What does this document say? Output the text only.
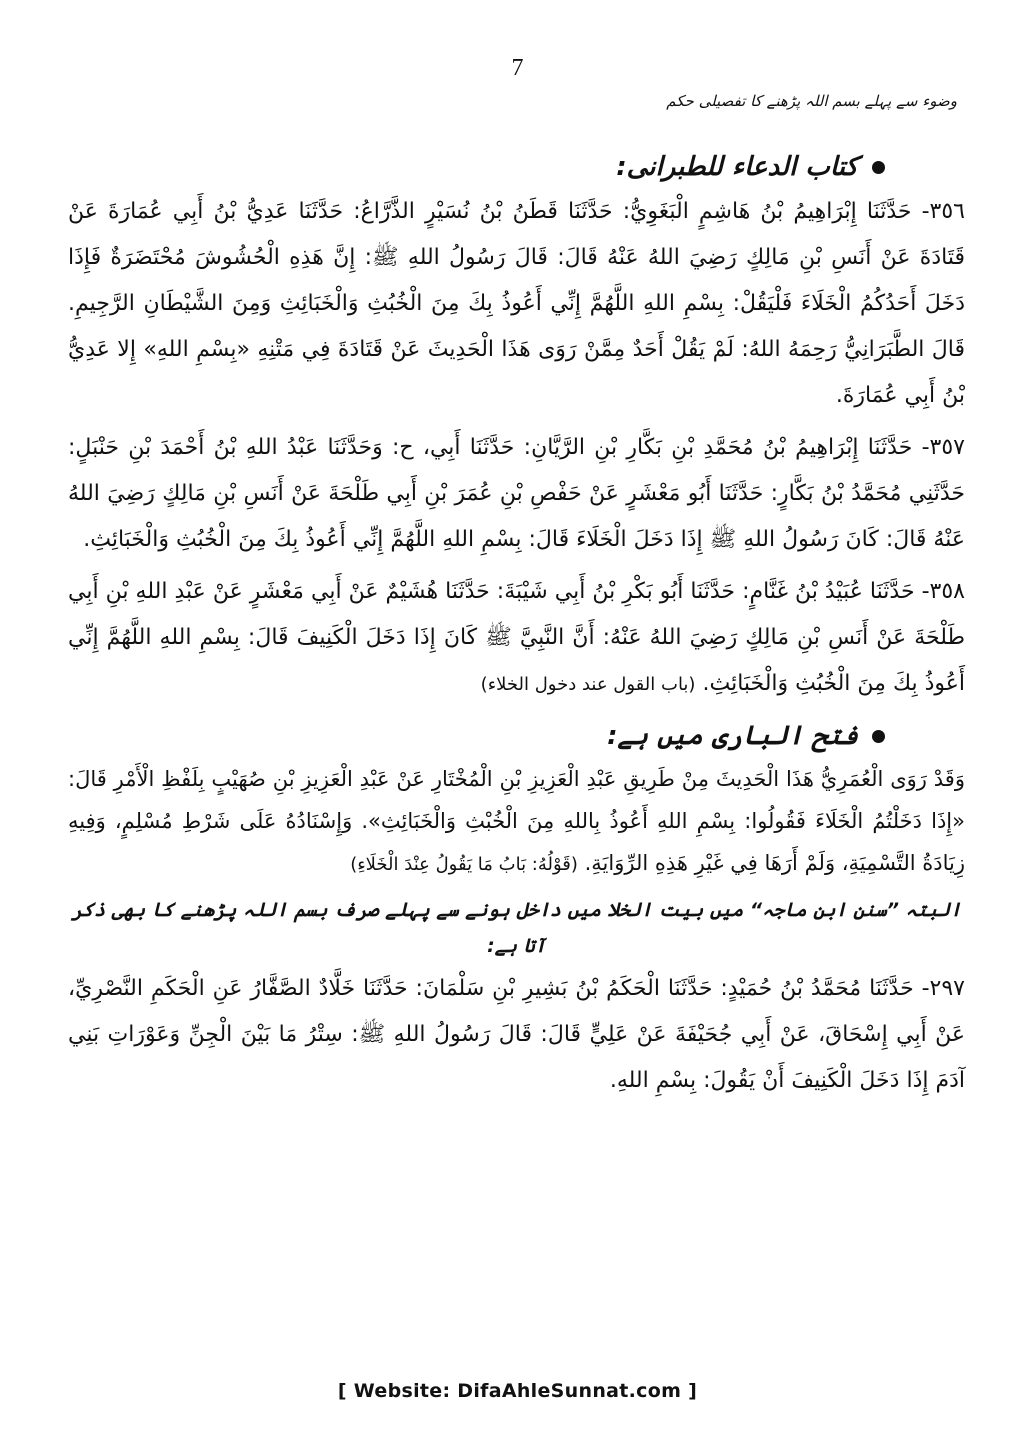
7
وضوء سے پہلے بسم اللہ پڑھنے کا تفصیلی حکم
کتاب الدعاء للطبرانی:

٣٥٦- حَدَّثَنَا إِبْرَاهِيمُ بْنُ هَاشِمٍ الْبَغَوِيُّ: حَدَّثَنَا قَطَنُ بْنُ نُسَيْرٍ الذَّرَّاعُ: حَدَّثَنَا عَدِيُّ بْنُ أَبِي عُمَارَةَ عَنْ قَتَادَةَ عَنْ أَنَسِ بْنِ مَالِكٍ رَضِيَ اللهُ عَنْهُ قَالَ: قَالَ رَسُولُ اللهِ ﷺ: إِنَّ هَذِهِ الْحُشُوشَ مُحْتَضَرَةٌ فَإِذَا دَخَلَ أَحَدُكُمُ الْخَلَاءَ فَلْيَقُلْ: بِسْمِ اللهِ اللَّهُمَّ إِنِّي أَعُوذُ بِكَ مِنَ الْخُبُثِ وَالْخَبَائِثِ وَمِنَ الشَّيْطَانِ الرَّجِيمِ. قَالَ الطَّبَرَانِيُّ رَحِمَهُ اللهُ: لَمْ يَقُلْ أَحَدٌ مِمَّنْ رَوَى هَذَا الْحَدِيثَ عَنْ قَتَادَةَ فِي مَتْنِهِ «بِسْمِ اللهِ» إِلا عَدِيُّ بْنُ أَبِي عُمَارَةَ.

٣٥٧- حَدَّثَنَا إِبْرَاهِيمُ بْنُ مُحَمَّدِ بْنِ بَكَّارِ بْنِ الرَّيَّانِ: حَدَّثَنَا أَبِي، ح: وَحَدَّثَنَا عَبْدُ اللهِ بْنُ أَحْمَدَ بْنِ حَنْبَلٍ: حَدَّثَنِي مُحَمَّدُ بْنُ بَكَّارٍ: حَدَّثَنَا أَبُو مَعْشَرٍ عَنْ حَفْصِ بْنِ عُمَرَ بْنِ أَبِي طَلْحَةَ عَنْ أَنَسِ بْنِ مَالِكٍ رَضِيَ اللهُ عَنْهُ قَالَ: كَانَ رَسُولُ اللهِ ﷺ إِذَا دَخَلَ الْخَلَاءَ قَالَ: بِسْمِ اللهِ اللَّهُمَّ إِنِّي أَعُوذُ بِكَ مِنَ الْخُبُثِ وَالْخَبَائِثِ.

٣٥٨- حَدَّثَنَا عُبَيْدُ بْنُ غَنَّامٍ: حَدَّثَنَا أَبُو بَكْرِ بْنُ أَبِي شَيْبَةَ: حَدَّثَنَا هُشَيْمٌ عَنْ أَبِي مَعْشَرٍ عَنْ عَبْدِ اللهِ بْنِ أَبِي طَلْحَةَ عَنْ أَنَسِ بْنِ مَالِكٍ رَضِيَ اللهُ عَنْهُ: أَنَّ النَّبِيَّ ﷺ كَانَ إِذَا دَخَلَ الْكَنِيفَ قَالَ: بِسْمِ اللهِ اللَّهُمَّ إِنِّي أَعُوذُ بِكَ مِنَ الْخُبُثِ وَالْخَبَائِثِ. (باب القول عند دخول الخلاء)

فتح الباری میں ہے:

وَقَدْ رَوَى الْعُمَرِيُّ هَذَا الْحَدِيثَ مِنْ طَرِيقِ عَبْدِ الْعَزِيزِ بْنِ الْمُخْتَارِ عَنْ عَبْدِ الْعَزِيزِ بْنِ صُهَيْبٍ بِلَفْظِ الْأَمْرِ قَالَ: «إِذَا دَخَلْتُمُ الْخَلَاءَ فَقُولُوا: بِسْمِ اللهِ أَعُوذُ بِاللهِ مِنَ الْخُبْثِ وَالْخَبَائِثِ». وَإِسْنَادُهُ عَلَى شَرْطِ مُسْلِمٍ، وَفِيهِ زِيَادَةُ التَّسْمِيَةِ، وَلَمْ أَرَهَا فِي غَيْرِ هَذِهِ الرِّوَايَةِ. (قَوْلُهُ: بَابُ مَا يَقُولُ عِنْدَ الْخَلَاءِ)

البتہ ”سنن ابن ماجہ“ میں بیت الخلا میں داخل ہونے سے پہلے صرف بسم اللہ پڑھنے کا بھی ذکر آتا ہے:

٢٩٧- حَدَّثَنَا مُحَمَّدُ بْنُ حُمَيْدٍ: حَدَّثَنَا الْحَكَمُ بْنُ بَشِيرِ بْنِ سَلْمَانَ: حَدَّثَنَا خَلَّادٌ الصَّفَّارُ عَنِ الْحَكَمِ النَّصْرِيِّ، عَنْ أَبِي إِسْحَاقَ، عَنْ أَبِي جُحَيْفَةَ عَنْ عَلِيٍّ قَالَ: قَالَ رَسُولُ اللهِ ﷺ: سِتْرُ مَا بَيْنَ الْجِنِّ وَعَوْرَاتِ بَنِي آدَمَ إِذَا دَخَلَ الْكَنِيفَ أَنْ يَقُولَ: بِسْمِ اللهِ.

[ Website: DifaAhleSunnat.com ]
